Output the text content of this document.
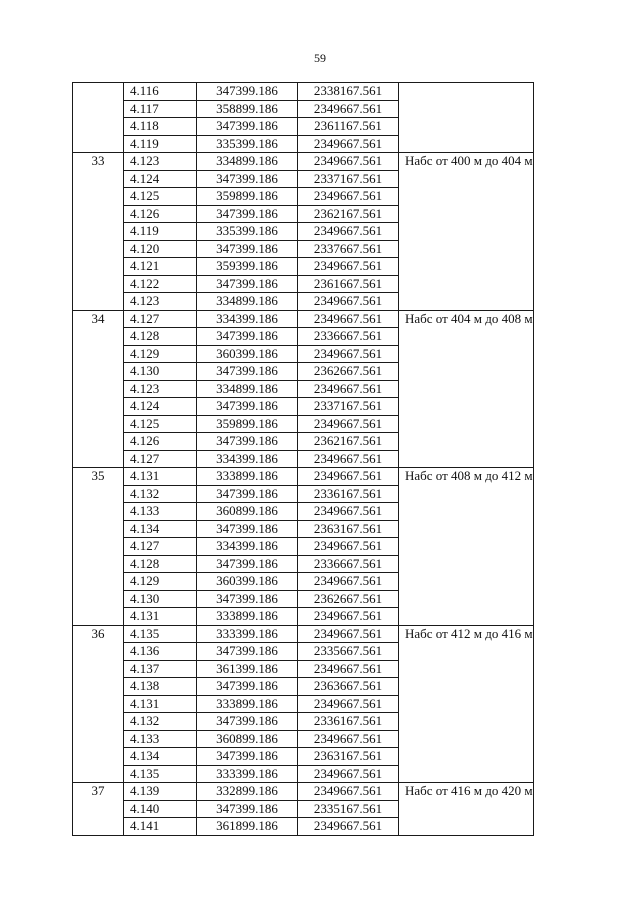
59
	4.116	347399.186	2338167.561	
	4.117	358899.186	2349667.561	
	4.118	347399.186	2361167.561	
	4.119	335399.186	2349667.561	
33	4.123	334899.186	2349667.561	Набс от 400 м до 404 м
	4.124	347399.186	2337167.561	
	4.125	359899.186	2349667.561	
	4.126	347399.186	2362167.561	
	4.119	335399.186	2349667.561	
	4.120	347399.186	2337667.561	
	4.121	359399.186	2349667.561	
	4.122	347399.186	2361667.561	
	4.123	334899.186	2349667.561	
34	4.127	334399.186	2349667.561	Набс от 404 м до 408 м
	4.128	347399.186	2336667.561	
	4.129	360399.186	2349667.561	
	4.130	347399.186	2362667.561	
	4.123	334899.186	2349667.561	
	4.124	347399.186	2337167.561	
	4.125	359899.186	2349667.561	
	4.126	347399.186	2362167.561	
	4.127	334399.186	2349667.561	
35	4.131	333899.186	2349667.561	Набс от 408 м до 412 м
	4.132	347399.186	2336167.561	
	4.133	360899.186	2349667.561	
	4.134	347399.186	2363167.561	
	4.127	334399.186	2349667.561	
	4.128	347399.186	2336667.561	
	4.129	360399.186	2349667.561	
	4.130	347399.186	2362667.561	
	4.131	333899.186	2349667.561	
36	4.135	333399.186	2349667.561	Набс от 412 м до 416 м
	4.136	347399.186	2335667.561	
	4.137	361399.186	2349667.561	
	4.138	347399.186	2363667.561	
	4.131	333899.186	2349667.561	
	4.132	347399.186	2336167.561	
	4.133	360899.186	2349667.561	
	4.134	347399.186	2363167.561	
	4.135	333399.186	2349667.561	
37	4.139	332899.186	2349667.561	Набс от 416 м до 420 м
	4.140	347399.186	2335167.561	
	4.141	361899.186	2349667.561	
